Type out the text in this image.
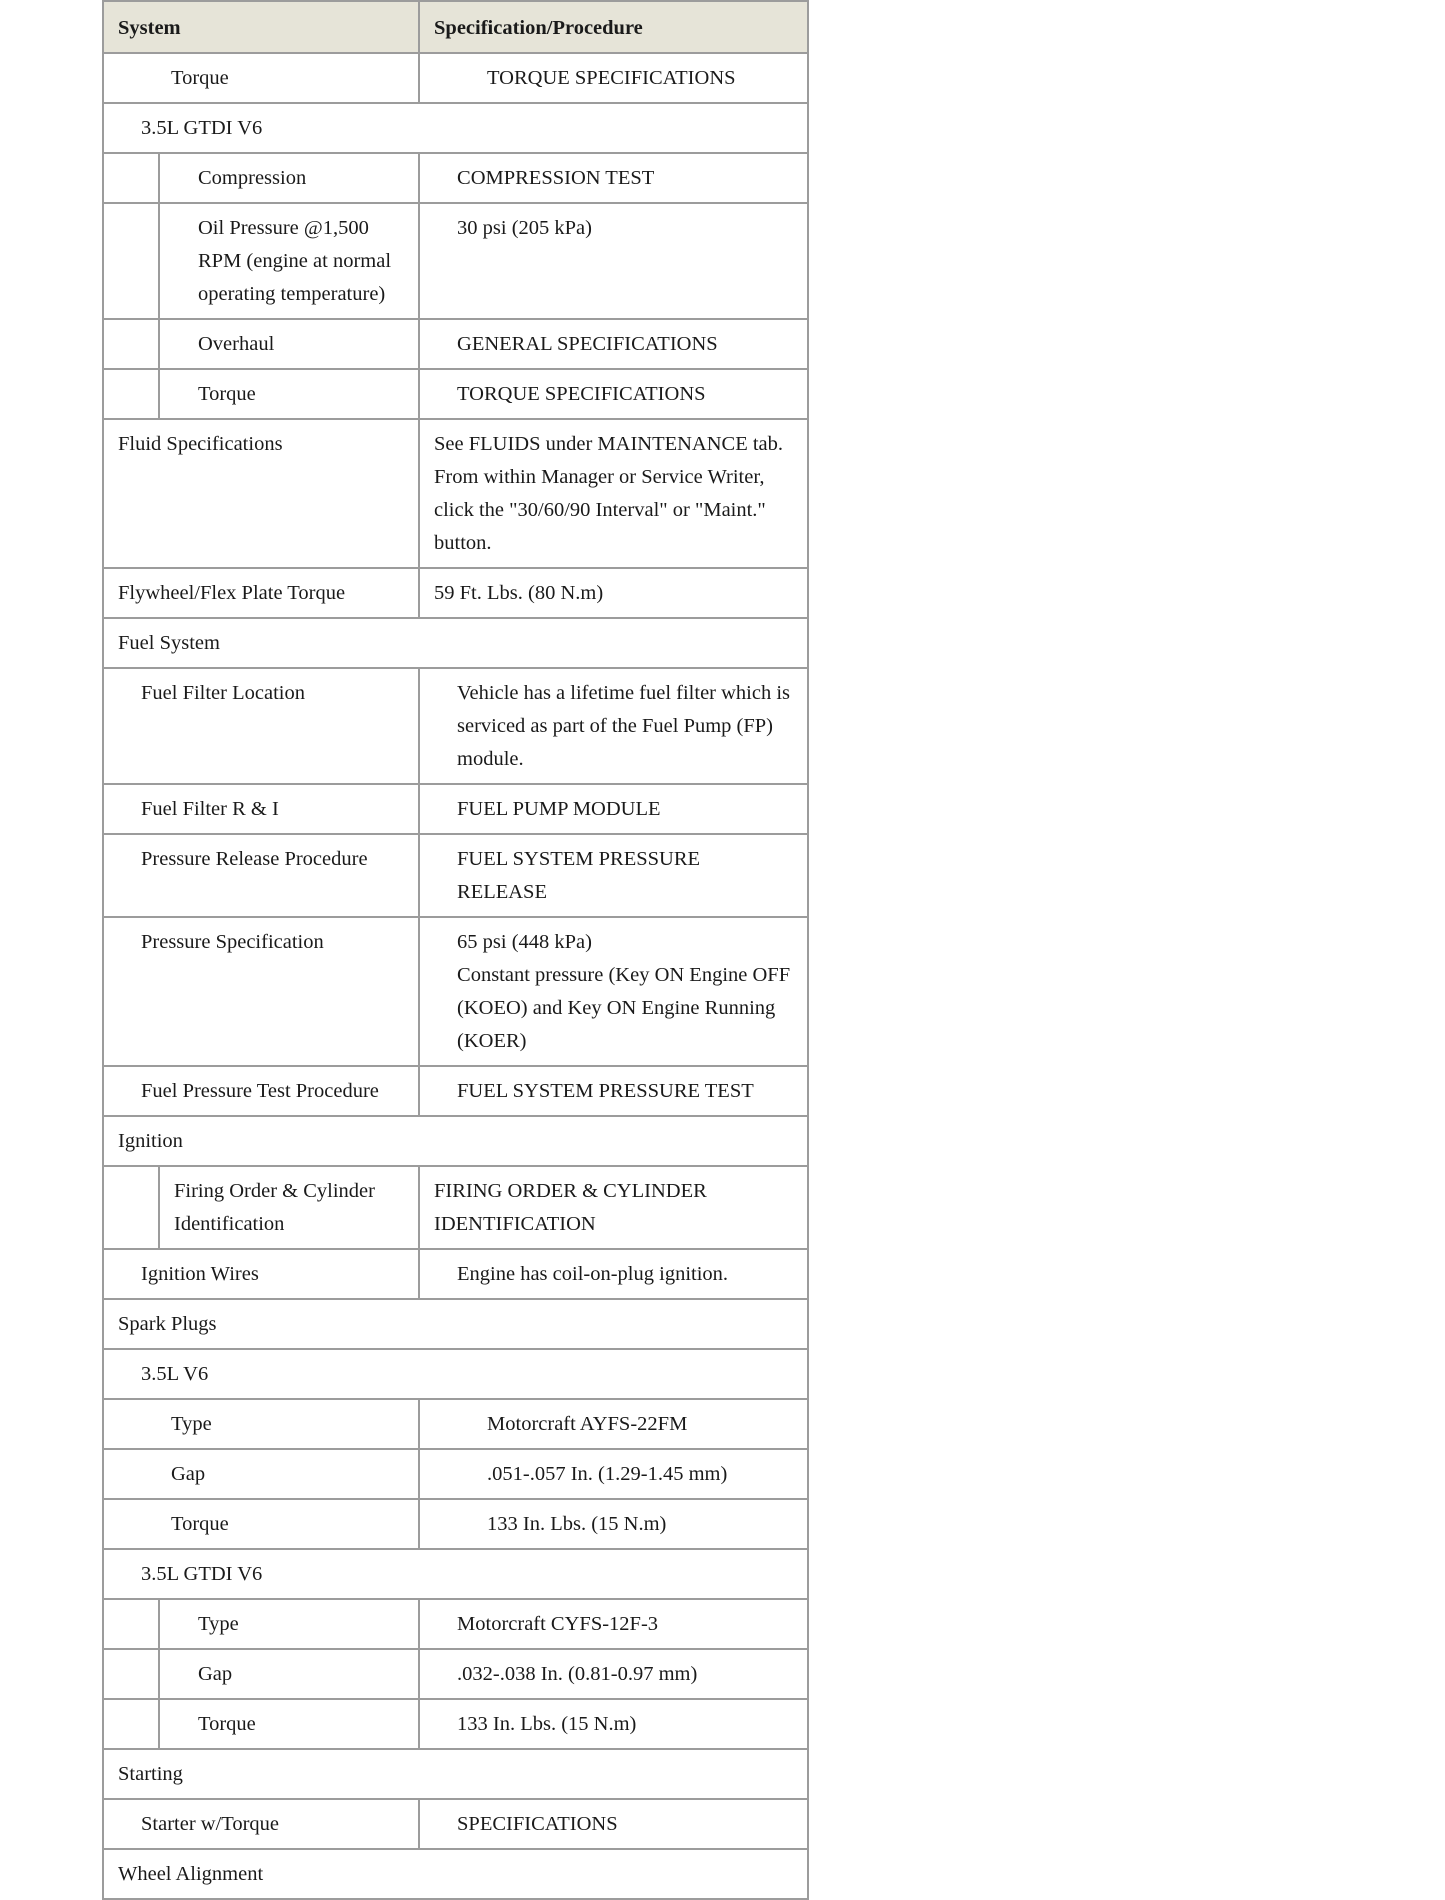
System		Specification/Procedure

Torque		TORQUE SPECIFICATIONS

3.5L GTDI V6		

	Compression	COMPRESSION TEST

	Oil Pressure @1,500 RPM (engine at normal operating temperature)	30 psi (205 kPa)

	Overhaul	GENERAL SPECIFICATIONS

	Torque	TORQUE SPECIFICATIONS

Fluid Specifications		See FLUIDS under MAINTENANCE tab. From within Manager or Service Writer, click the "30/60/90 Interval" or "Maint." button.

Flywheel/Flex Plate Torque		59 Ft. Lbs. (80 N.m)

Fuel System		

Fuel Filter Location		Vehicle has a lifetime fuel filter which is serviced as part of the Fuel Pump (FP) module.

Fuel Filter R & I		FUEL PUMP MODULE

Pressure Release Procedure		FUEL SYSTEM PRESSURE RELEASE

Pressure Specification		65 psi (448 kPa)
Constant pressure (Key ON Engine OFF (KOEO) and Key ON Engine Running (KOER)

Fuel Pressure Test Procedure		FUEL SYSTEM PRESSURE TEST

Ignition		

	Firing Order & Cylinder Identification	FIRING ORDER & CYLINDER IDENTIFICATION

Ignition Wires		Engine has coil-on-plug ignition.

Spark Plugs		

3.5L V6		

Type		Motorcraft AYFS-22FM

Gap		.051-.057 In. (1.29-1.45 mm)

Torque		133 In. Lbs. (15 N.m)

3.5L GTDI V6		

	Type	Motorcraft CYFS-12F-3

	Gap	.032-.038 In. (0.81-0.97 mm)

	Torque	133 In. Lbs. (15 N.m)

Starting		

Starter w/Torque		SPECIFICATIONS

Wheel Alignment		
